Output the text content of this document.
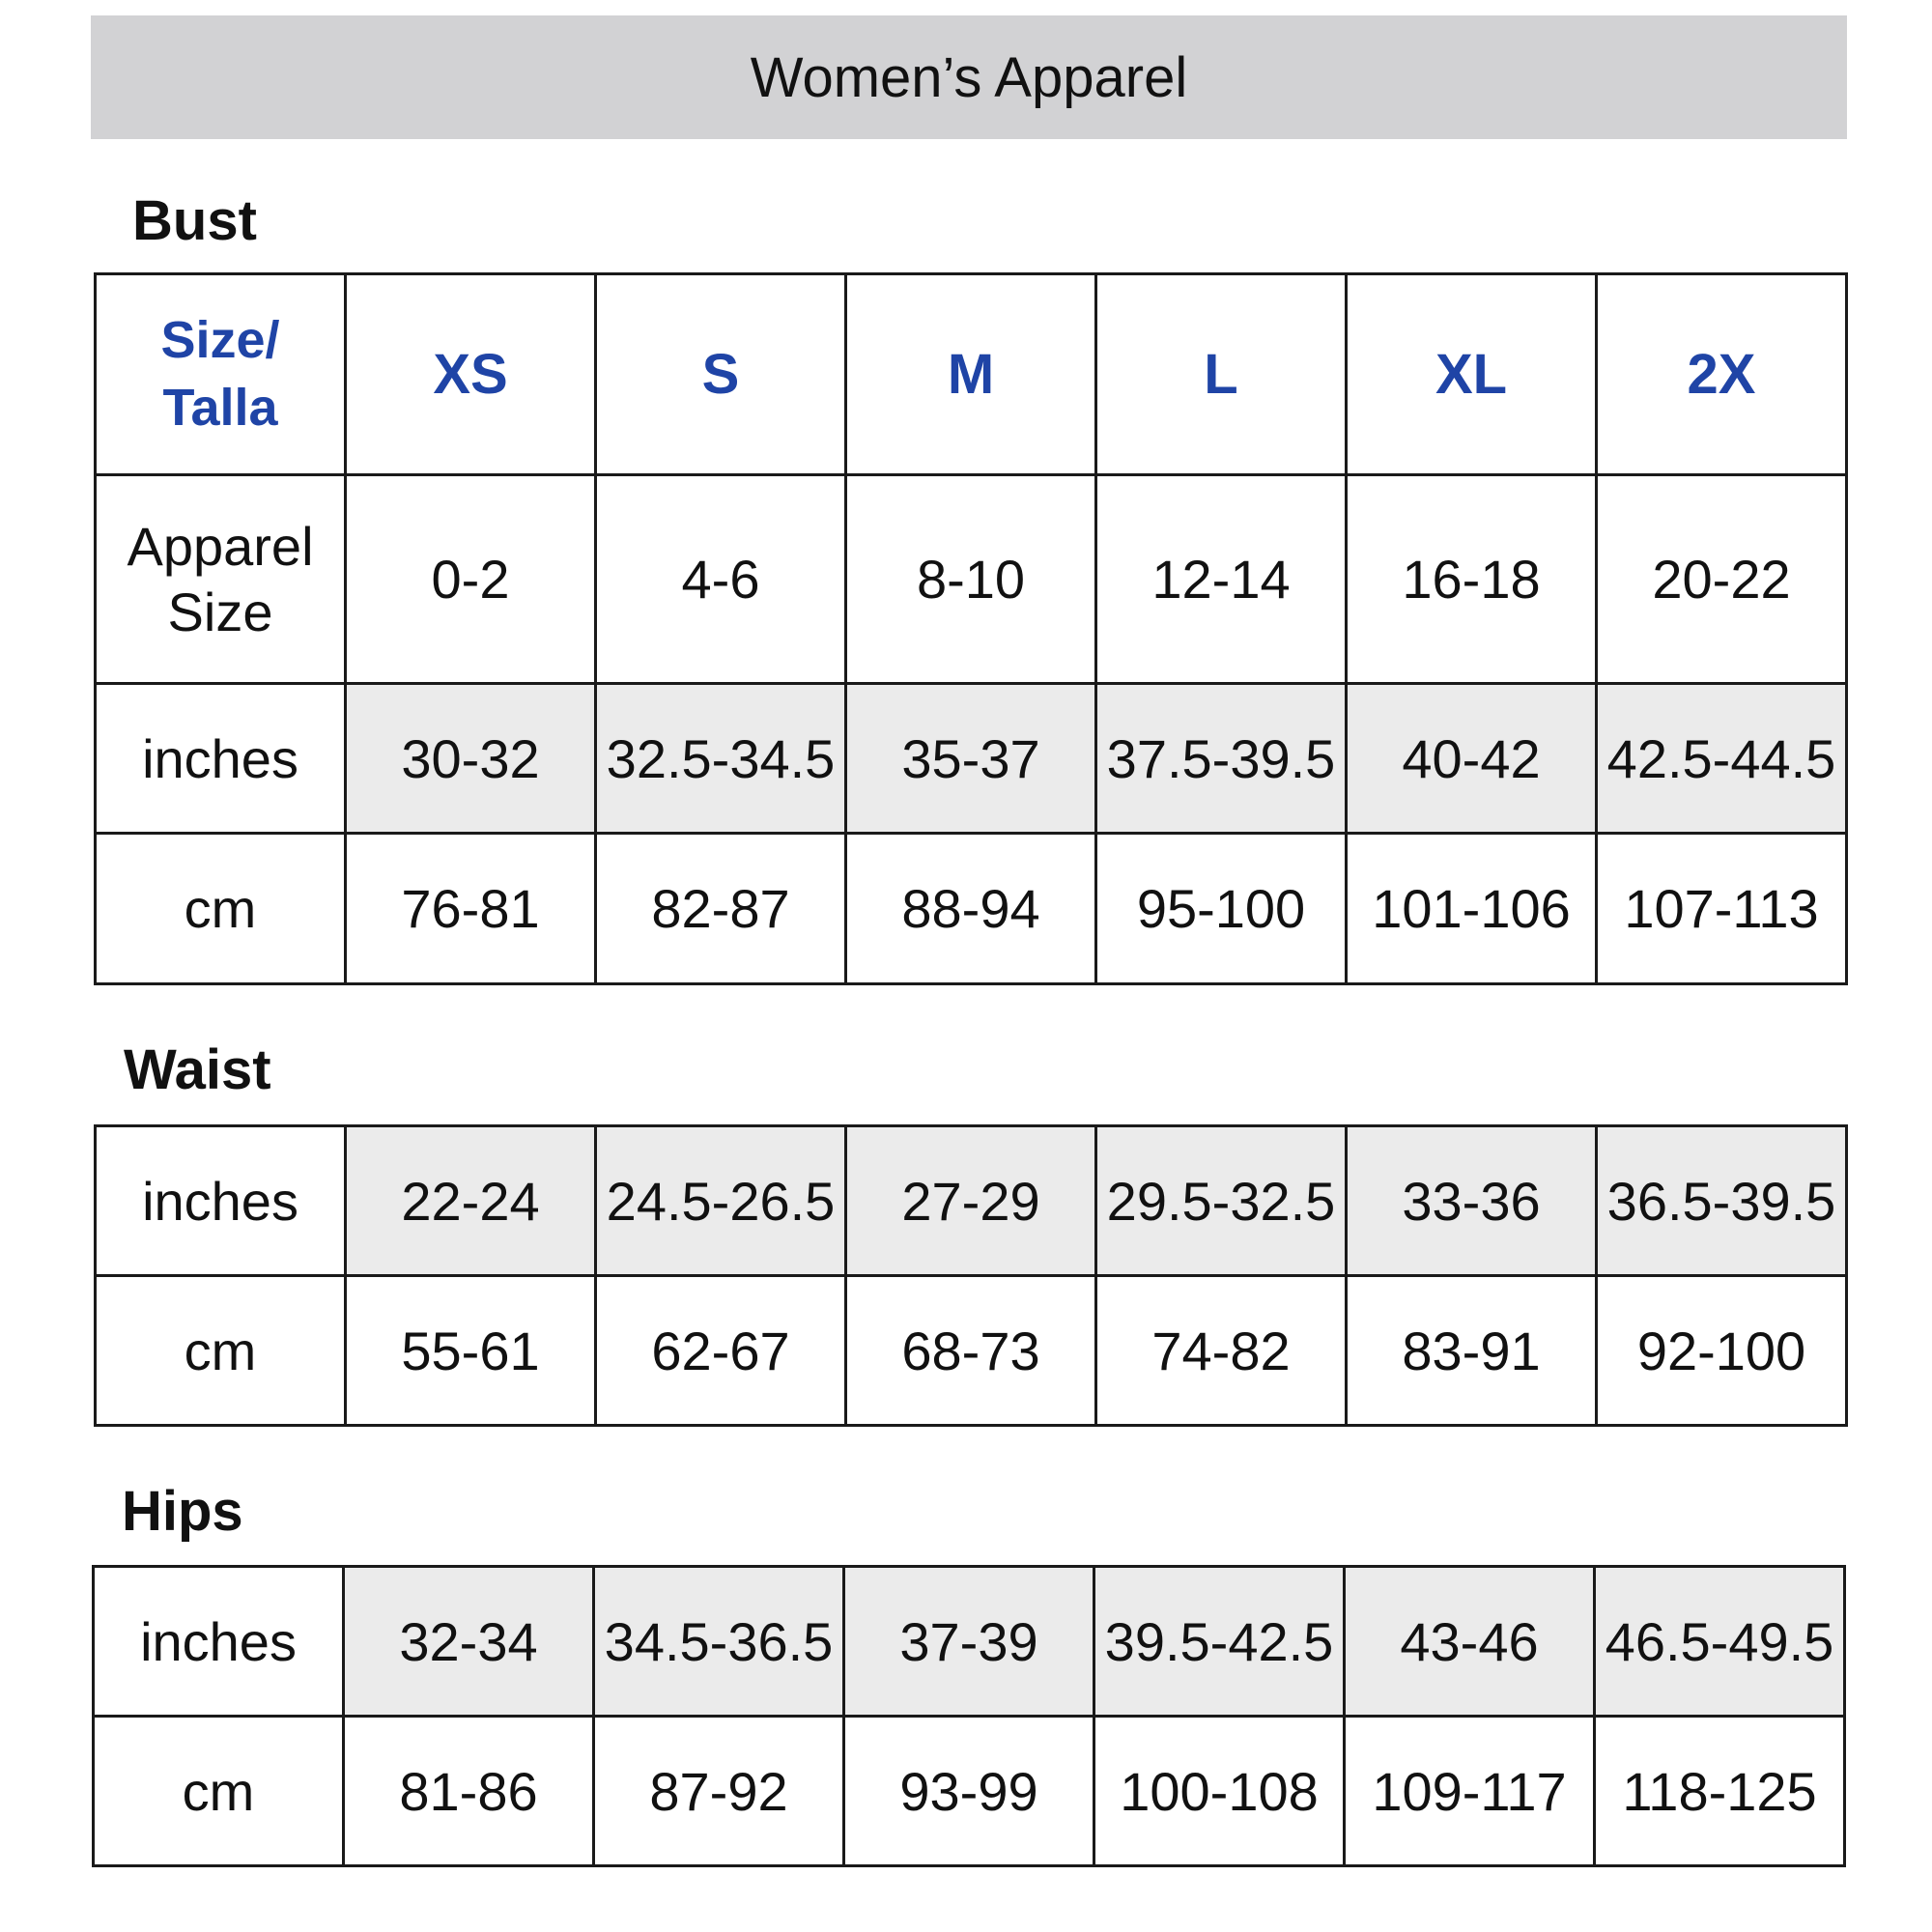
Women’s Apparel
Bust
Size/
Talla	XS	S	M	L	XL	2X

Apparel
Size	0-2	4-6	8-10	12-14	16-18	20-22
inches	30-32	32.5-34.5	35-37	37.5-39.5	40-42	42.5-44.5
cm	76-81	82-87	88-94	95-100	101-106	107-113
Waist
inches	22-24	24.5-26.5	27-29	29.5-32.5	33-36	36.5-39.5
cm	55-61	62-67	68-73	74-82	83-91	92-100
Hips
inches	32-34	34.5-36.5	37-39	39.5-42.5	43-46	46.5-49.5
cm	81-86	87-92	93-99	100-108	109-117	118-125
